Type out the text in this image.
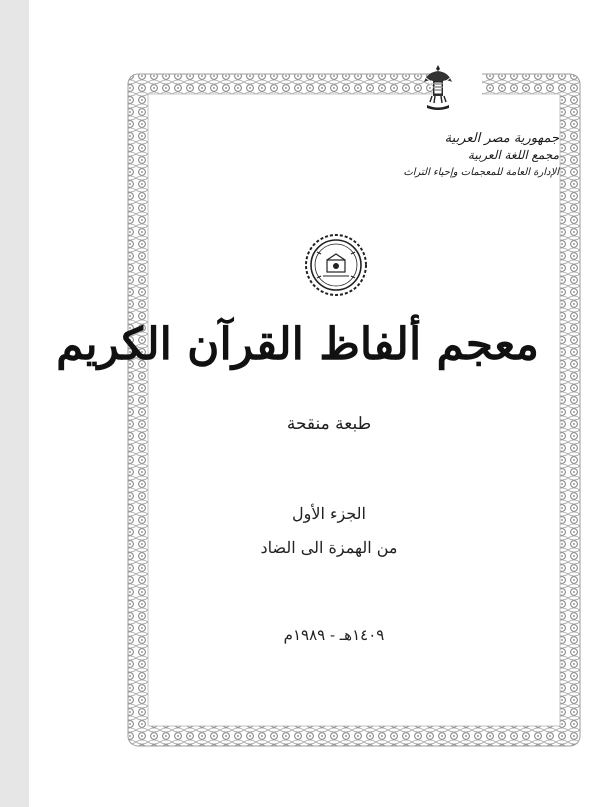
جمهورية مصر العربية
مجمع اللغة العربية
الإدارة العامة للمعجمات وإحياء التراث
معجم ألفاظ القرآن الكريم
طبعة منقحة
الجزء الأول
من الهمزة الى الضاد
١٤٠٩هـ - ١٩٨٩م
